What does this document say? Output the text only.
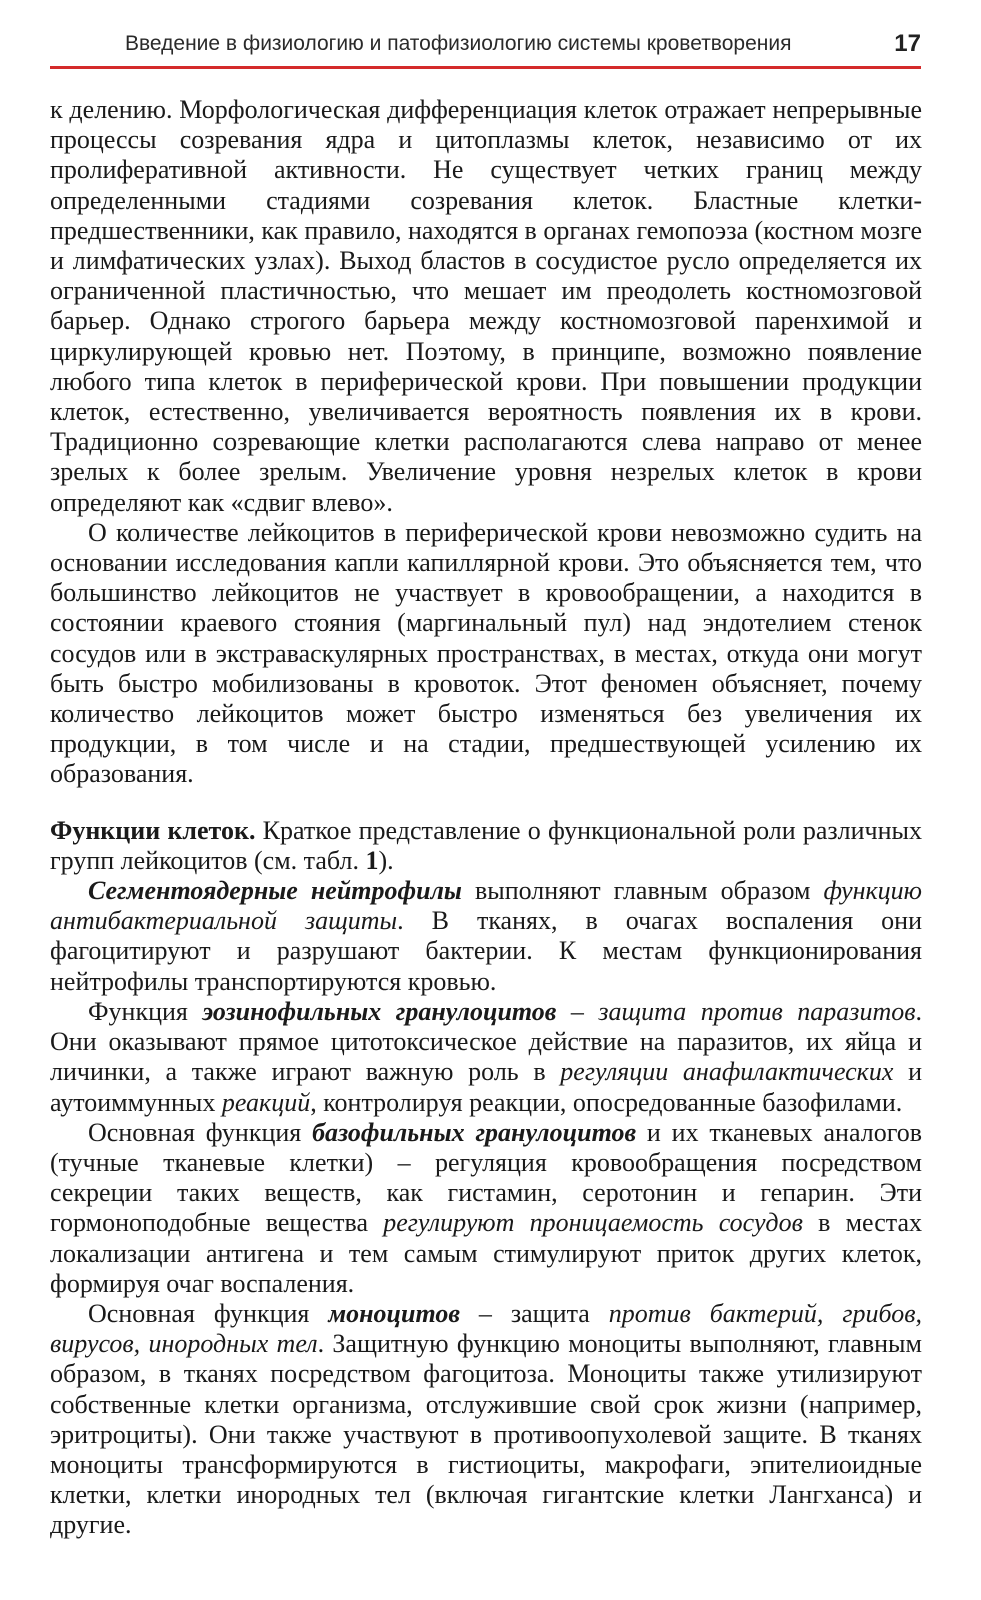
Введение в физиологию и патофизиологию системы кроветворения	17

к делению. Морфологическая дифференциация клеток отражает непрерывные процессы созревания ядра и цитоплазмы клеток, независимо от их пролиферативной активности. Не существует четких границ между определенными стадиями созревания клеток. Бластные клетки-предшественники, как правило, находятся в органах гемопоэза (костном мозге и лимфатических узлах). Выход бластов в сосудистое русло определяется их ограниченной пластичностью, что мешает им преодолеть костномозговой барьер. Однако строгого барьера между костномозговой паренхимой и циркулирующей кровью нет. Поэтому, в принципе, возможно появление любого типа клеток в периферической крови. При повышении продукции клеток, естественно, увеличивается вероятность появления их в крови. Традиционно созревающие клетки располагаются слева направо от менее зрелых к более зрелым. Увеличение уровня незрелых клеток в крови определяют как «сдвиг влево».

О количестве лейкоцитов в периферической крови невозможно судить на основании исследования капли капиллярной крови. Это объясняется тем, что большинство лейкоцитов не участвует в кровообращении, а находится в состоянии краевого стояния (маргинальный пул) над эндотелием стенок сосудов или в экстраваскулярных пространствах, в местах, откуда они могут быть быстро мобилизованы в кровоток. Этот феномен объясняет, почему количество лейкоцитов может быстро изменяться без увеличения их продукции, в том числе и на стадии, предшествующей усилению их образования.

Функции клеток. Краткое представление о функциональной роли различных групп лейкоцитов (см. табл. 1).

Сегментоядерные нейтрофилы выполняют главным образом функцию антибактериальной защиты. В тканях, в очагах воспаления они фагоцитируют и разрушают бактерии. К местам функционирования нейтрофилы транспортируются кровью.

Функция эозинофильных гранулоцитов – защита против паразитов. Они оказывают прямое цитотоксическое действие на паразитов, их яйца и личинки, а также играют важную роль в регуляции анафилактических и аутоиммунных реакций, контролируя реакции, опосредованные базофилами.

Основная функция базофильных гранулоцитов и их тканевых аналогов (тучные тканевые клетки) – регуляция кровообращения посредством секреции таких веществ, как гистамин, серотонин и гепарин. Эти гормоноподобные вещества регулируют проницаемость сосудов в местах локализации антигена и тем самым стимулируют приток других клеток, формируя очаг воспаления.

Основная функция моноцитов – защита против бактерий, грибов, вирусов, инородных тел. Защитную функцию моноциты выполняют, главным образом, в тканях посредством фагоцитоза. Моноциты также утилизируют собственные клетки организма, отслужившие свой срок жизни (например, эритроциты). Они также участвуют в противоопухолевой защите. В тканях моноциты трансформируются в гистиоциты, макрофаги, эпителиоидные клетки, клетки инородных тел (включая гигантские клетки Лангханса) и другие.
